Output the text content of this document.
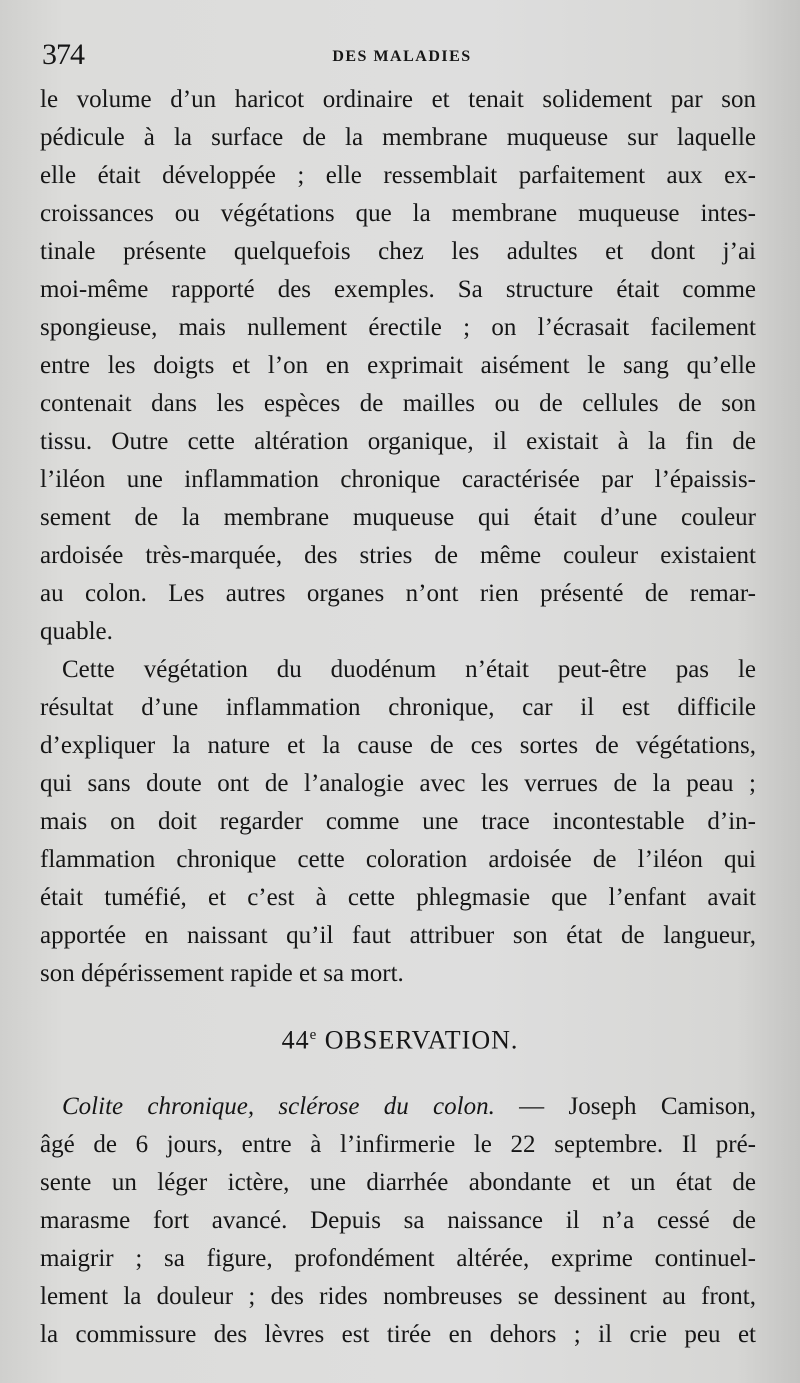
374	DES MALADIES
le volume d’un haricot ordinaire et tenait solidement par son
pédicule à la surface de la membrane muqueuse sur laquelle
elle était développée ; elle ressemblait parfaitement aux ex-
croissances ou végétations que la membrane muqueuse intes-
tinale présente quelquefois chez les adultes et dont j’ai
moi-même rapporté des exemples. Sa structure était comme
spongieuse, mais nullement érectile ; on l’écrasait facilement
entre les doigts et l’on en exprimait aisément le sang qu’elle
contenait dans les espèces de mailles ou de cellules de son
tissu. Outre cette altération organique, il existait à la fin de
l’iléon une inflammation chronique caractérisée par l’épaissis-
sement de la membrane muqueuse qui était d’une couleur
ardoisée très-marquée, des stries de même couleur existaient
au colon. Les autres organes n’ont rien présenté de remar-
quable.
Cette végétation du duodénum n’était peut-être pas le
résultat d’une inflammation chronique, car il est difficile
d’expliquer la nature et la cause de ces sortes de végétations,
qui sans doute ont de l’analogie avec les verrues de la peau ;
mais on doit regarder comme une trace incontestable d’in-
flammation chronique cette coloration ardoisée de l’iléon qui
était tuméfié, et c’est à cette phlegmasie que l’enfant avait
apportée en naissant qu’il faut attribuer son état de langueur,
son dépérissement rapide et sa mort.
44e OBSERVATION.
Colite chronique, sclérose du colon. — Joseph Camison,
âgé de 6 jours, entre à l’infirmerie le 22 septembre. Il pré-
sente un léger ictère, une diarrhée abondante et un état de
marasme fort avancé. Depuis sa naissance il n’a cessé de
maigrir ; sa figure, profondément altérée, exprime continuel-
lement la douleur ; des rides nombreuses se dessinent au front,
la commissure des lèvres est tirée en dehors ; il crie peu et
